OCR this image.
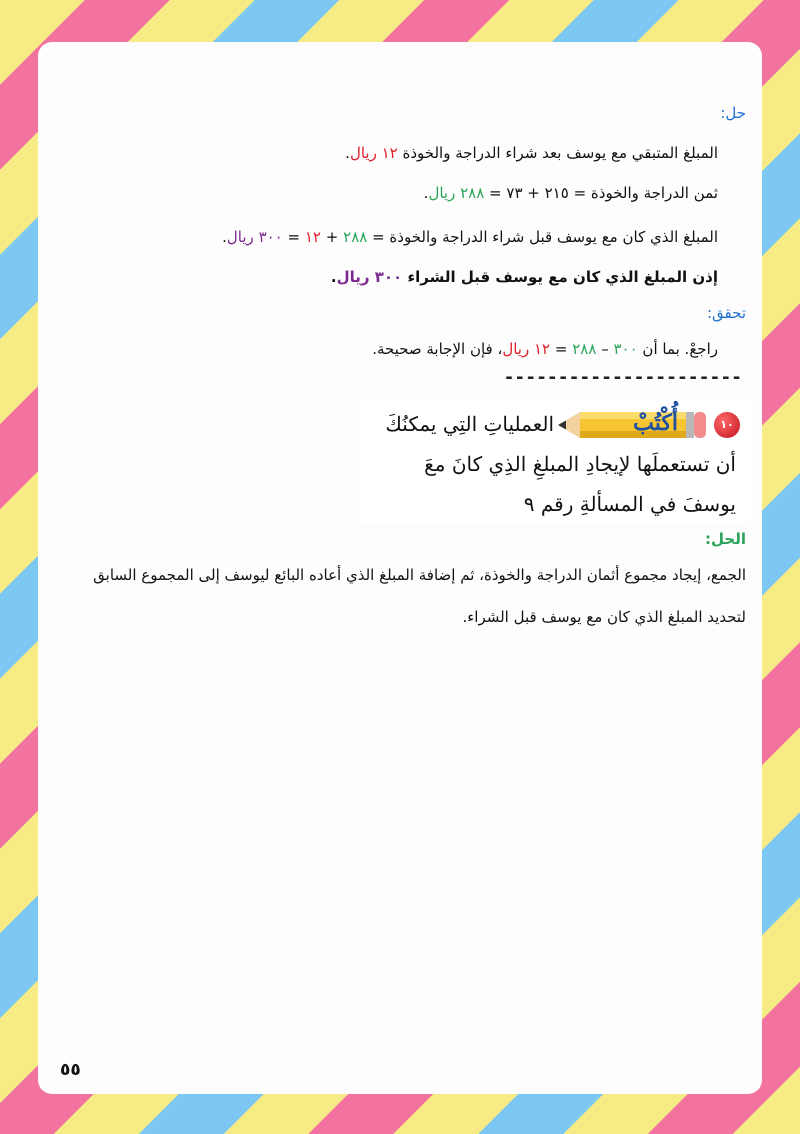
حل:
المبلغ المتبقي مع يوسف بعد شراء الدراجة والخوذة ١٢ ريال.
ثمن الدراجة والخوذة = ٢١٥ + ٧٣ = ٢٨٨ ريال.
المبلغ الذي كان مع يوسف قبل شراء الدراجة والخوذة = ٢٨٨ + ١٢ = ٣٠٠ ريال.
إذن المبلغ الذي كان مع يوسف قبل الشراء ٣٠٠ ريال.
تحقق:
راجعْ. بما أن ٣٠٠ – ٢٨٨ = ١٢ ريال، فإن الإجابة صحيحة.
----------------------
١٠
أُكْتُبْ
العملياتِ التِي يمكنُكَ
أن تستعملَها لإيجادِ المبلغِ الذِي كانَ معَ
يوسفَ في المسألةِ رقم ٩
الحل:
الجمع، إيجاد مجموع أثمان الدراجة والخوذة، ثم إضافة المبلغ الذي أعاده البائع ليوسف إلى المجموع السابق
لتحديد المبلغ الذي كان مع يوسف قبل الشراء.
٥٥
